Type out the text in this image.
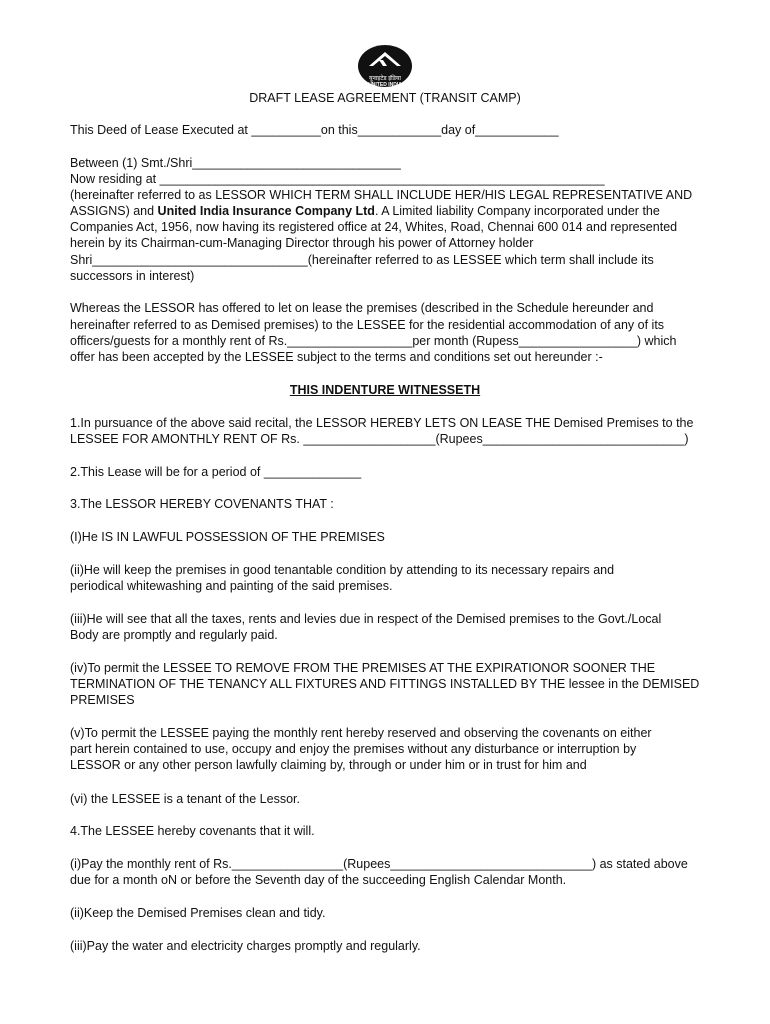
यूनाइटेड इंडिया
UNITED INDIA
DRAFT LEASE AGREEMENT (TRANSIT CAMP)
This Deed of Lease Executed at __________on this____________day of____________
Between (1) Smt./Shri______________________________
Now residing at ________________________________________________________________
(hereinafter referred to as LESSOR WHICH TERM SHALL INCLUDE HER/HIS LEGAL REPRESENTATIVE AND
ASSIGNS) and United India Insurance Company Ltd. A Limited liability Company incorporated under the
Companies Act, 1956, now having its registered office at 24, Whites, Road, Chennai 600 014 and represented
herein by its Chairman-cum-Managing Director through his power of Attorney holder
Shri_______________________________(hereinafter referred to as LESSEE which term shall include its
successors in interest)
Whereas the LESSOR has offered to let on lease the premises (described in the Schedule hereunder and
hereinafter referred to as Demised premises) to the LESSEE for the residential accommodation of any of its
officers/guests for a monthly rent of Rs.__________________per month (Rupess_________________) which
offer has been accepted by the LESSEE subject to the terms and conditions set out hereunder :-
THIS INDENTURE WITNESSETH
1.In pursuance of the above said recital, the LESSOR HEREBY LETS ON LEASE THE Demised Premises to the
LESSEE FOR AMONTHLY RENT OF Rs. ___________________(Rupees_____________________________)
2.This Lease will be for a period of ______________
3.The LESSOR HEREBY COVENANTS THAT :
(I)He IS IN LAWFUL POSSESSION OF THE PREMISES
(ii)He will keep the premises in good tenantable condition by attending to its necessary repairs and
periodical whitewashing and painting of the said premises.
(iii)He will see that all the taxes, rents and levies due in respect of the Demised premises to the Govt./Local
Body are promptly and regularly paid.
(iv)To permit the LESSEE TO REMOVE FROM THE PREMISES AT THE EXPIRATIONOR SOONER THE
TERMINATION OF THE TENANCY ALL FIXTURES AND FITTINGS INSTALLED BY THE lessee in the DEMISED
PREMISES
(v)To permit the LESSEE paying the monthly rent hereby reserved and observing the covenants on either
part herein contained to use, occupy and enjoy the premises without any disturbance or interruption by
LESSOR or any other person lawfully claiming by, through or under him or in trust for him and
(vi) the LESSEE is a tenant of the Lessor.
4.The LESSEE hereby covenants that it will.
(i)Pay the monthly rent of Rs.________________(Rupees_____________________________) as stated above
due for a month oN or before the Seventh day of the succeeding English Calendar Month.
(ii)Keep the Demised Premises clean and tidy.
(iii)Pay the water and electricity charges promptly and regularly.
